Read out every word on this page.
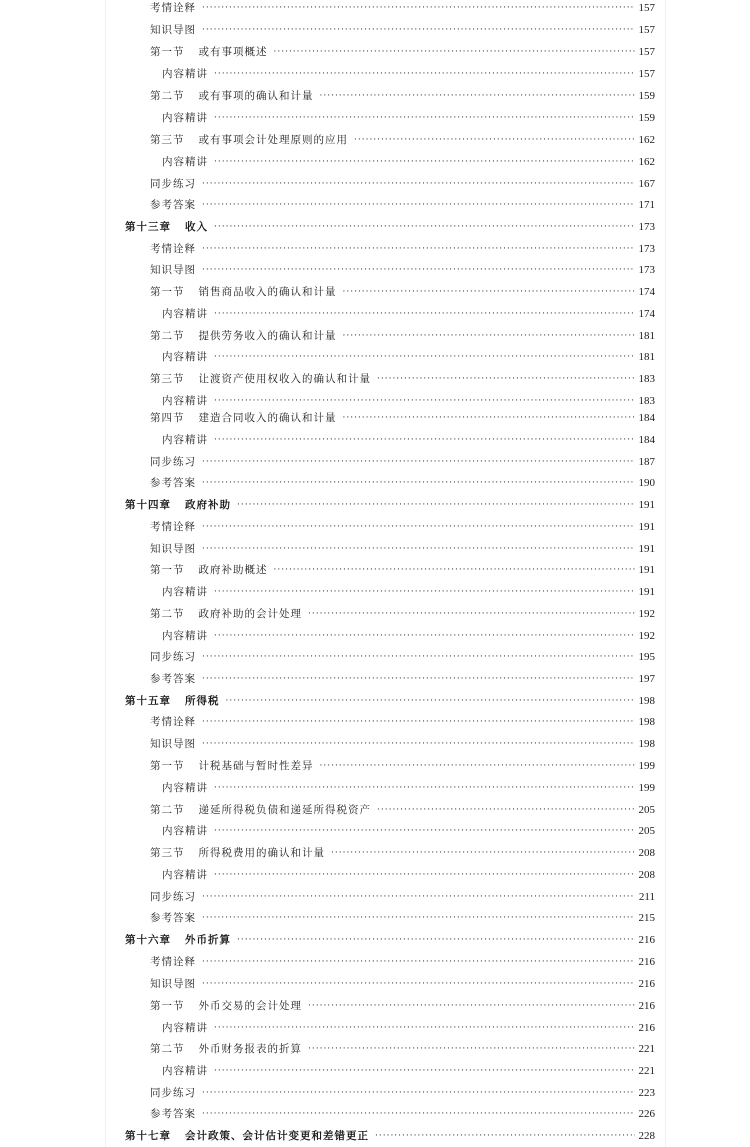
考情诠释 ·····	157
知识导图 ·····	157
第一节 或有事项概述 ·····	157
内容精讲 ·····	157
第二节 或有事项的确认和计量 ·····	159
内容精讲 ·····	159
第三节 或有事项会计处理原则的应用 ·····	162
内容精讲 ·····	162
同步练习 ·····	167
参考答案 ·····	171
第十三章 收入 ·····	173
考情诠释 ·····	173
知识导图 ·····	173
第一节 销售商品收入的确认和计量 ·····	174
内容精讲 ·····	174
第二节 提供劳务收入的确认和计量 ·····	181
内容精讲 ·····	181
第三节 让渡资产使用权收入的确认和计量 ·····	183
内容精讲 ·····	183
第四节 建造合同收入的确认和计量 ·····	184
内容精讲 ·····	184
同步练习 ·····	187
参考答案 ·····	190
第十四章 政府补助 ·····	191
考情诠释 ·····	191
知识导图 ·····	191
第一节 政府补助概述 ·····	191
内容精讲 ·····	191
第二节 政府补助的会计处理 ·····	192
内容精讲 ·····	192
同步练习 ·····	195
参考答案 ·····	197
第十五章 所得税 ·····	198
考情诠释 ·····	198
知识导图 ·····	198
第一节 计税基础与暂时性差异 ·····	199
内容精讲 ·····	199
第二节 递延所得税负债和递延所得税资产 ·····	205
内容精讲 ·····	205
第三节 所得税费用的确认和计量 ·····	208
内容精讲 ·····	208
同步练习 ·····	211
参考答案 ·····	215
第十六章 外币折算 ·····	216
考情诠释 ·····	216
知识导图 ·····	216
第一节 外币交易的会计处理 ·····	216
内容精讲 ·····	216
第二节 外币财务报表的折算 ·····	221
内容精讲 ·····	221
同步练习 ·····	223
参考答案 ·····	226
第十七章 会计政策、会计估计变更和差错更正 ·····	228
